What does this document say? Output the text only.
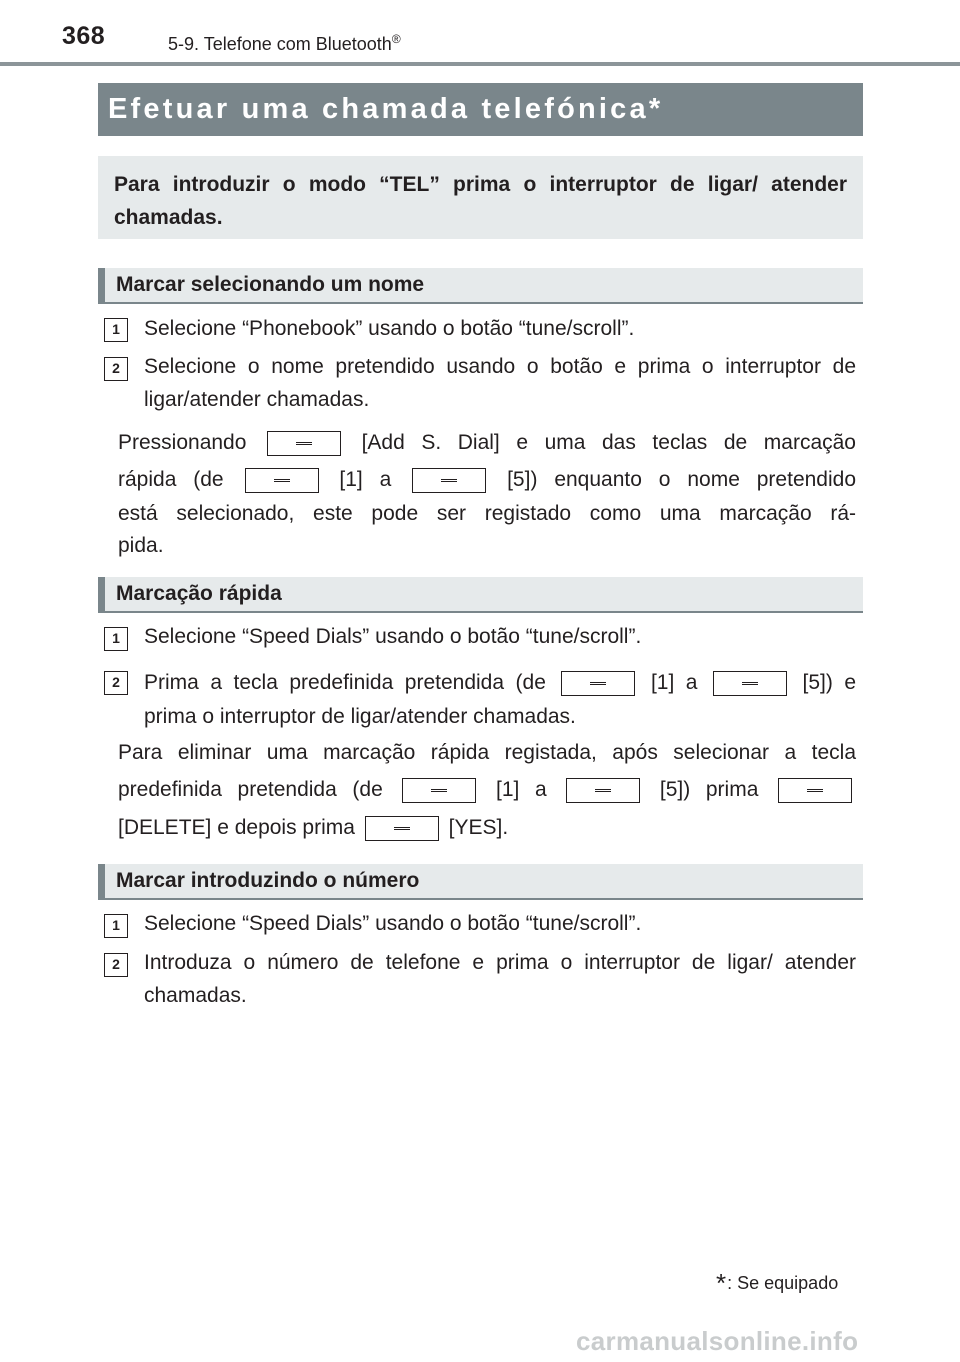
368	5-9. Telefone com Bluetooth®
Efetuar uma chamada telefónica*
Para introduzir o modo “TEL” prima o interruptor de ligar/ atender chamadas.
Marcar selecionando um nome
1	Selecione “Phonebook” usando o botão “tune/scroll”.
2	Selecione o nome pretendido usando o botão e prima o interruptor de ligar/atender chamadas.
Pressionando	[Add S. Dial] e uma das teclas de marcação
rápida (de	[1] a	[5]) enquanto o nome pretendido
está selecionado, este pode ser registado como uma marcação rá-
pida.
Marcação rápida
1	Selecione “Speed Dials” usando o botão “tune/scroll”.
2	Prima a tecla predefinida pretendida (de	[1] a	[5]) e
prima o interruptor de ligar/atender chamadas.
Para eliminar uma marcação rápida registada, após selecionar a tecla
predefinida pretendida (de	[1] a	[5]) prima
[DELETE] e depois prima	[YES].
Marcar introduzindo o número
1	Selecione “Speed Dials” usando o botão “tune/scroll”.
2	Introduza o número de telefone e prima o interruptor de ligar/ atender chamadas.
*: Se equipado
carmanualsonline.info
